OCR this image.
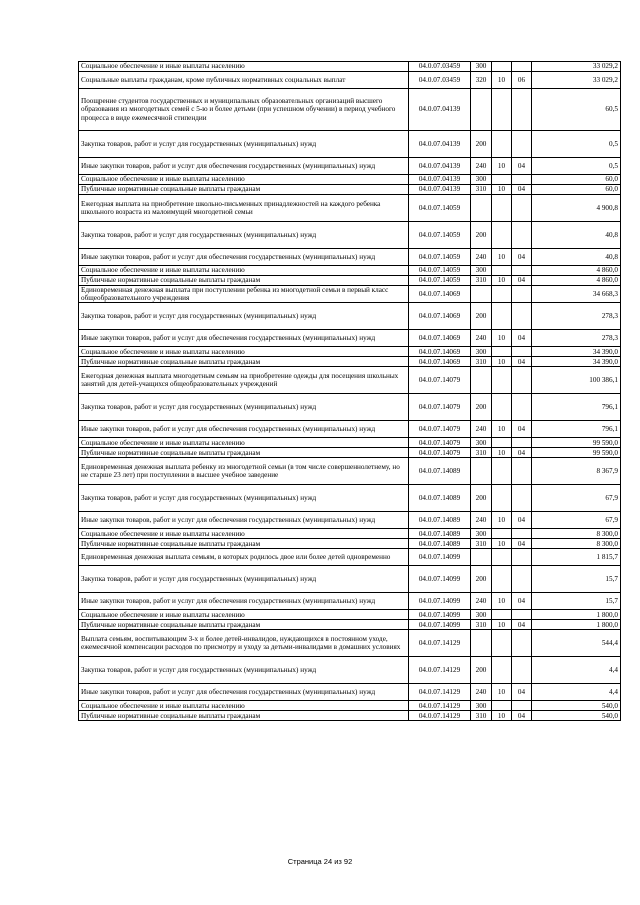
Социальное обеспечение и иные выплаты населению	04.0.07.03459	300			33 029,2
Социальные выплаты гражданам, кроме публичных нормативных социальных выплат	04.0.07.03459	320	10	06	33 029,2
Поощрение студентов государственных и муниципальных образовательных организаций высшего образования из многодетных семей с 5-ю и более детьми (при успешном обучении) в период учебного процесса в виде ежемесячной стипендии	04.0.07.04139				60,5
Закупка товаров, работ и услуг для государственных (муниципальных) нужд	04.0.07.04139	200			0,5
Иные закупки товаров, работ и услуг для обеспечения государственных (муниципальных) нужд	04.0.07.04139	240	10	04	0,5
Социальное обеспечение и иные выплаты населению	04.0.07.04139	300			60,0
Публичные нормативные социальные выплаты гражданам	04.0.07.04139	310	10	04	60,0
Ежегодная выплата на приобретение школьно-письменных принадлежностей на каждого ребенка школьного возраста из малоимущей многодетной семьи	04.0.07.14059				4 900,8
Закупка товаров, работ и услуг для государственных (муниципальных) нужд	04.0.07.14059	200			40,8
Иные закупки товаров, работ и услуг для обеспечения государственных (муниципальных) нужд	04.0.07.14059	240	10	04	40,8
Социальное обеспечение и иные выплаты населению	04.0.07.14059	300			4 860,0
Публичные нормативные социальные выплаты гражданам	04.0.07.14059	310	10	04	4 860,0
Единовременная денежная выплата при поступлении ребенка из многодетной семьи в первый класс общеобразовательного учреждения	04.0.07.14069				34 668,3
Закупка товаров, работ и услуг для государственных (муниципальных) нужд	04.0.07.14069	200			278,3
Иные закупки товаров, работ и услуг для обеспечения государственных (муниципальных) нужд	04.0.07.14069	240	10	04	278,3
Социальное обеспечение и иные выплаты населению	04.0.07.14069	300			34 390,0
Публичные нормативные социальные выплаты гражданам	04.0.07.14069	310	10	04	34 390,0
Ежегодная денежная выплата многодетным семьям на приобретение одежды для посещения школьных занятий для детей-учащихся общеобразовательных учреждений	04.0.07.14079				100 386,1
Закупка товаров, работ и услуг для государственных (муниципальных) нужд	04.0.07.14079	200			796,1
Иные закупки товаров, работ и услуг для обеспечения государственных (муниципальных) нужд	04.0.07.14079	240	10	04	796,1
Социальное обеспечение и иные выплаты населению	04.0.07.14079	300			99 590,0
Публичные нормативные социальные выплаты гражданам	04.0.07.14079	310	10	04	99 590,0
Единовременная денежная выплата ребенку из многодетной семьи (в том числе совершеннолетнему, но не старше 23 лет) при поступлении в высшее учебное заведение	04.0.07.14089				8 367,9
Закупка товаров, работ и услуг для государственных (муниципальных) нужд	04.0.07.14089	200			67,9
Иные закупки товаров, работ и услуг для обеспечения государственных (муниципальных) нужд	04.0.07.14089	240	10	04	67,9
Социальное обеспечение и иные выплаты населению	04.0.07.14089	300			8 300,0
Публичные нормативные социальные выплаты гражданам	04.0.07.14089	310	10	04	8 300,0
Единовременная денежная выплата семьям, в которых родилось двое или более детей одновременно	04.0.07.14099				1 815,7
Закупка товаров, работ и услуг для государственных (муниципальных) нужд	04.0.07.14099	200			15,7
Иные закупки товаров, работ и услуг для обеспечения государственных (муниципальных) нужд	04.0.07.14099	240	10	04	15,7
Социальное обеспечение и иные выплаты населению	04.0.07.14099	300			1 800,0
Публичные нормативные социальные выплаты гражданам	04.0.07.14099	310	10	04	1 800,0
Выплата семьям, воспитывающим 3-х и более детей-инвалидов, нуждающихся в постоянном уходе, ежемесячной компенсации расходов по присмотру и уходу за детьми-инвалидами в домашних условиях	04.0.07.14129				544,4
Закупка товаров, работ и услуг для государственных (муниципальных) нужд	04.0.07.14129	200			4,4
Иные закупки товаров, работ и услуг для обеспечения государственных (муниципальных) нужд	04.0.07.14129	240	10	04	4,4
Социальное обеспечение и иные выплаты населению	04.0.07.14129	300			540,0
Публичные нормативные социальные выплаты гражданам	04.0.07.14129	310	10	04	540,0
Страница 24 из 92
